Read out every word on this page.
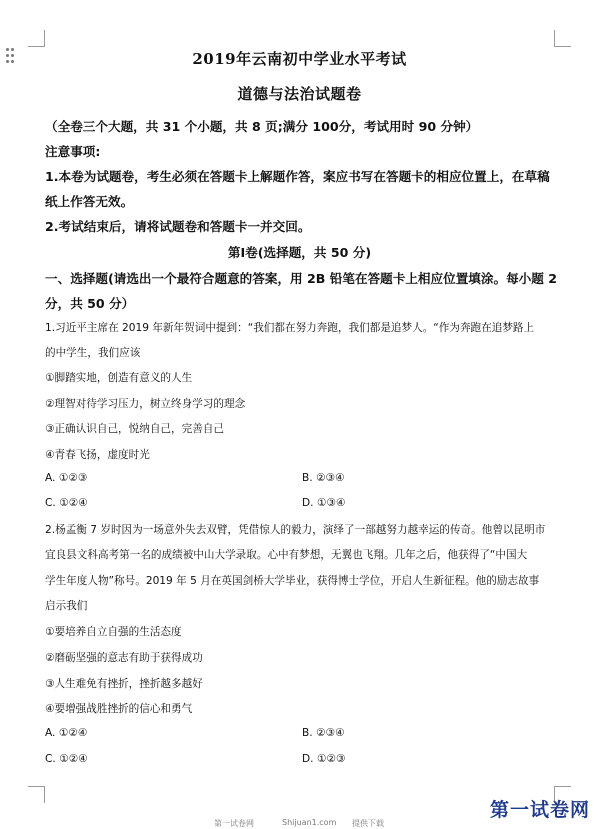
2019年云南初中学业水平考试
道德与法治试题卷
（全卷三个大题，共 31 个小题，共 8 页;满分 100分，考试用时 90 分钟）
注意事项:
1.本卷为试题卷，考生必须在答题卡上解题作答，案应书写在答题卡的相应位置上，在草稿
纸上作答无效。
2.考试结束后，请将试题卷和答题卡一并交回。
第Ⅰ卷(选择题，共 50 分)
一、选择题(请选出一个最符合题意的答案，用 2B 铅笔在答题卡上相应位置填涂。每小题 2
分，共 50 分）
1.习近平主席在 2019 年新年贺词中提到：“我们都在努力奔跑，我们都是追梦人。“作为奔跑在追梦路上
的中学生，我们应该
①脚踏实地，创造有意义的人生
②理智对待学习压力，树立终身学习的理念
③正确认识自己，悦纳自己，完善自己
④青春飞扬，虚度时光
A. ①②③	B. ②③④
C. ①②④	D. ①③④
2.杨孟衡 7 岁时因为一场意外失去双臂，凭借惊人的毅力，演绎了一部越努力越幸运的传奇。他曾以昆明市
宜良县文科高考第一名的成绩被中山大学录取。心中有梦想，无翼也飞翔。几年之后，他获得了“中国大
学生年度人物”称号。2019 年 5 月在英国剑桥大学毕业，获得博士学位，开启人生新征程。他的励志故事
启示我们
①要培养自立自强的生活态度
②磨砺坚强的意志有助于获得成功
③人生难免有挫折，挫折越多越好
④要增强战胜挫折的信心和勇气
A. ①②④	B. ②③④
C. ①②④	D. ①②③
第一试卷网	Shijuan1.com 提供下载
第一试卷网
